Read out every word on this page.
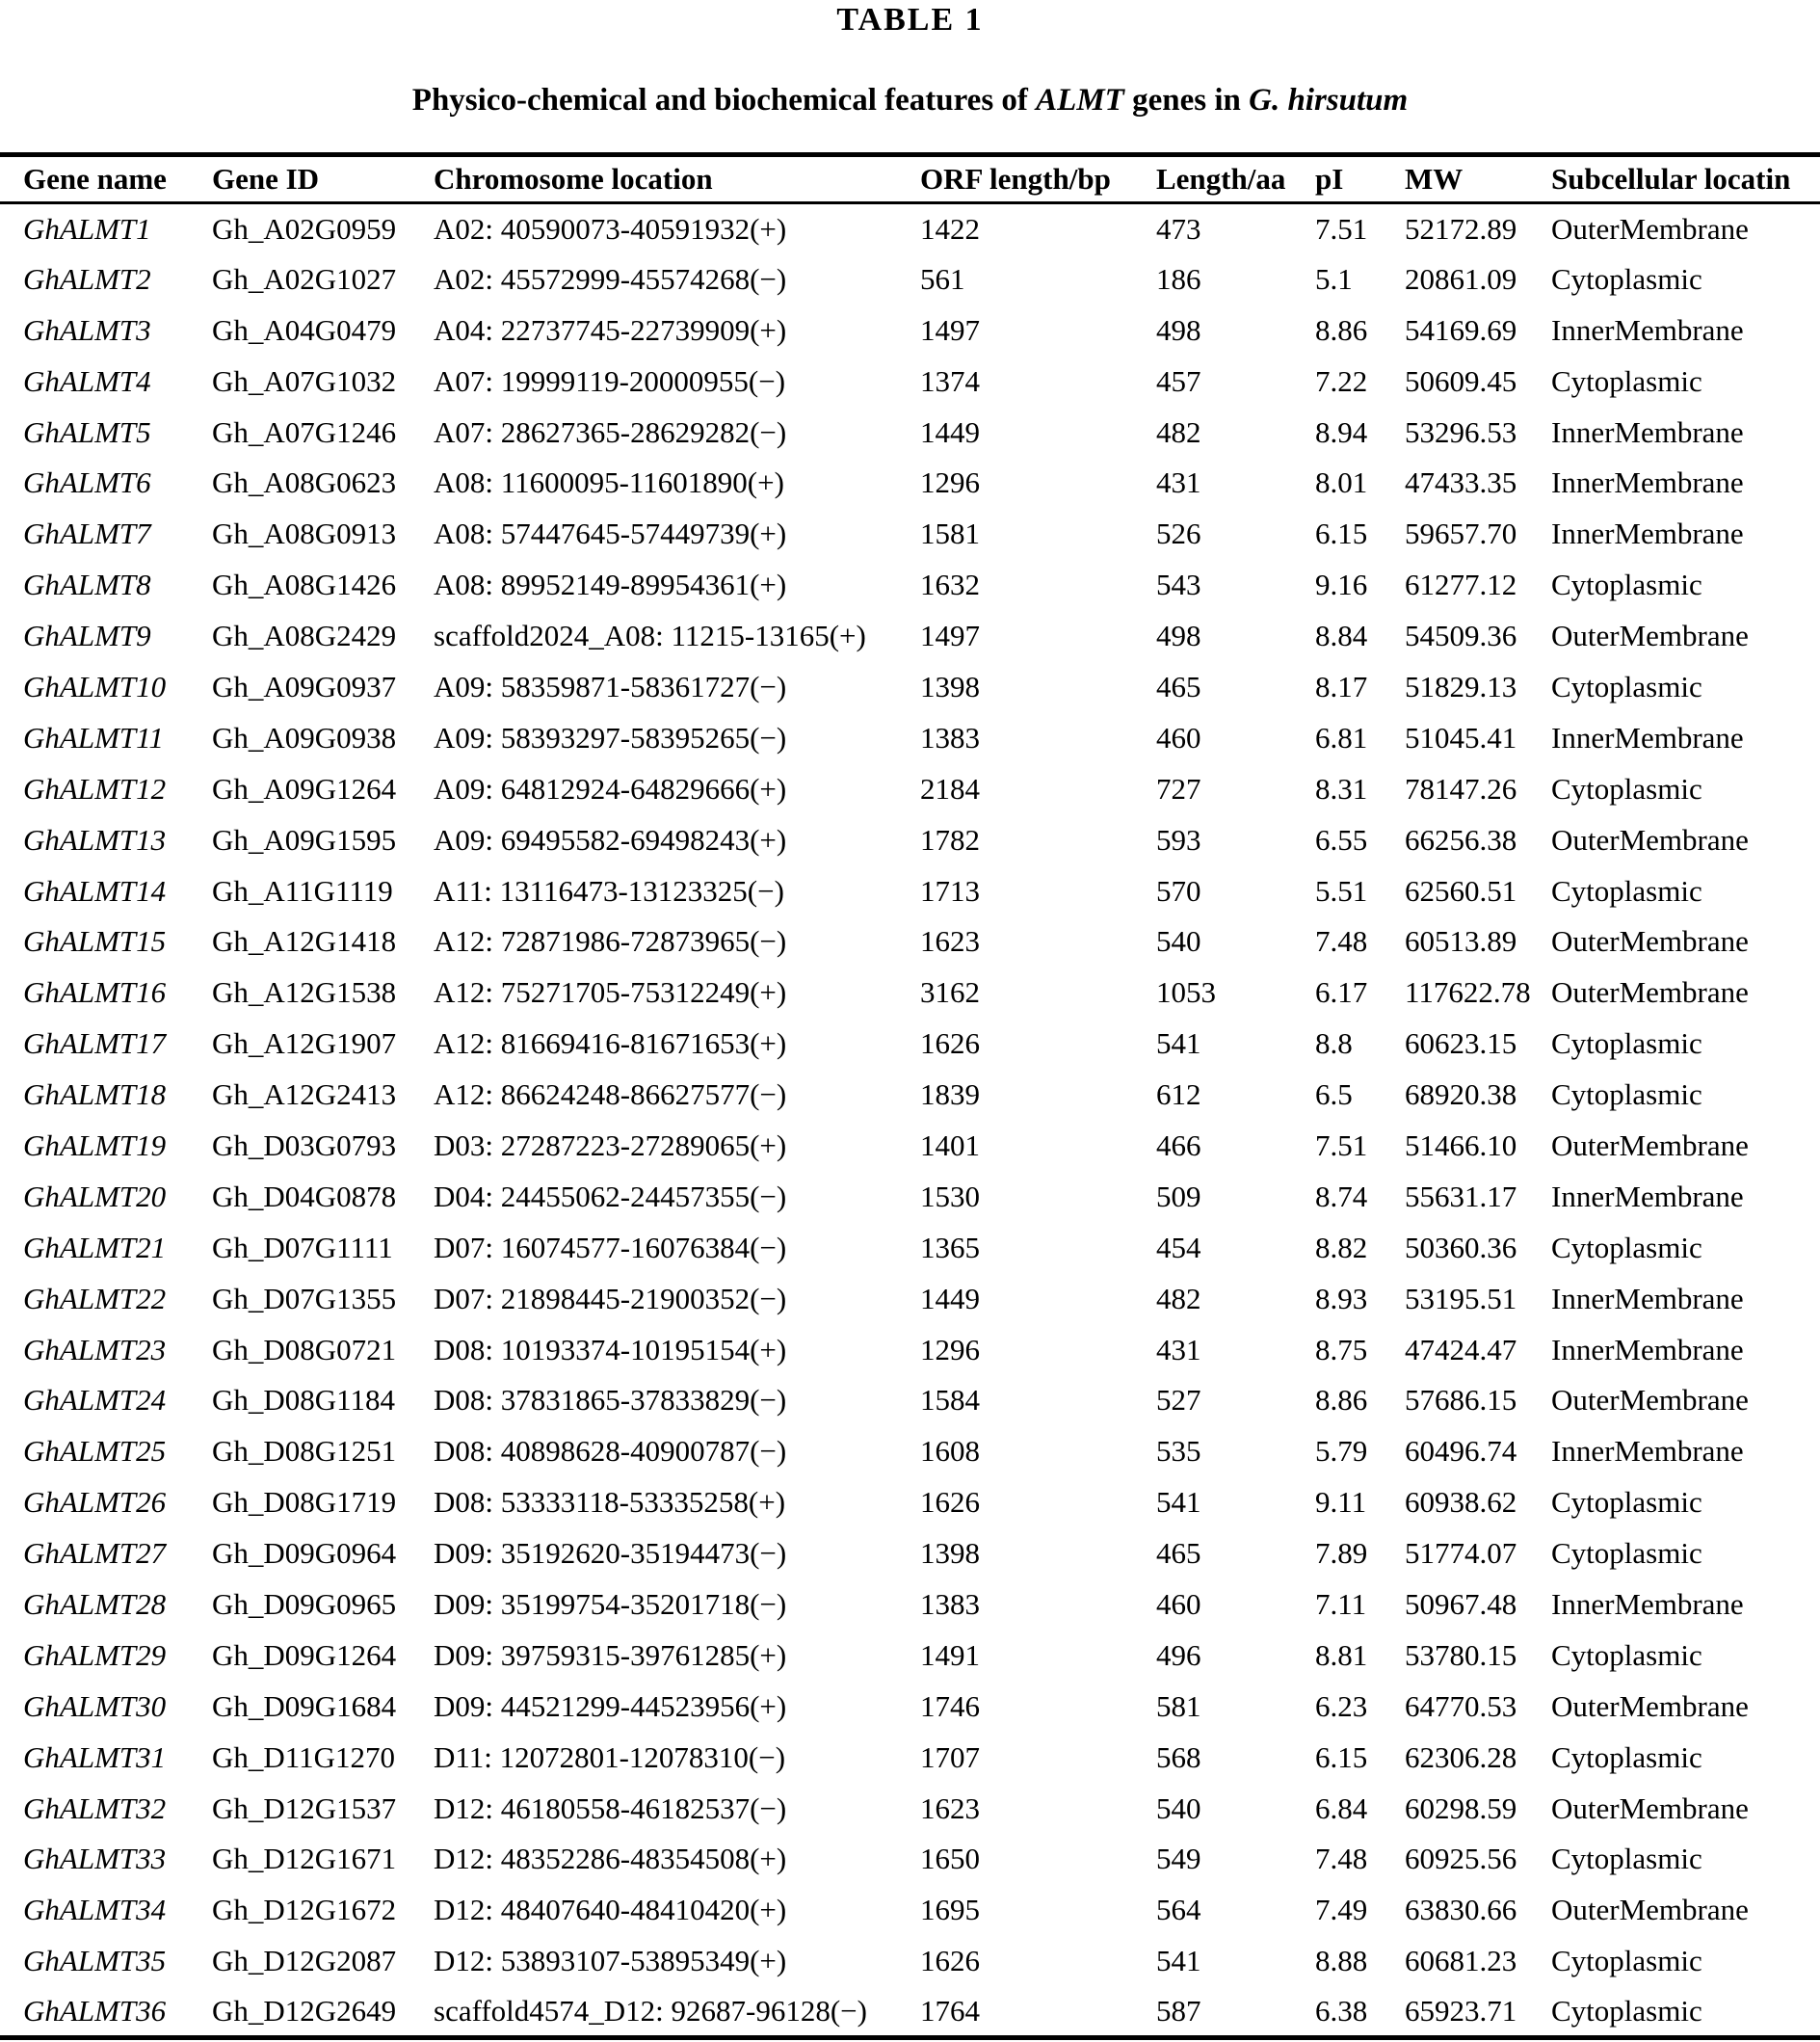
TABLE 1
Physico-chemical and biochemical features of ALMT genes in G. hirsutum
Gene name	Gene ID	Chromosome location	ORF length/bp	Length/aa	pI	MW	Subcellular locatin
GhALMT1	Gh_A02G0959	A02: 40590073-40591932(+)	1422	473	7.51	52172.89	OuterMembrane
GhALMT2	Gh_A02G1027	A02: 45572999-45574268(−)	561	186	5.1	20861.09	Cytoplasmic
GhALMT3	Gh_A04G0479	A04: 22737745-22739909(+)	1497	498	8.86	54169.69	InnerMembrane
GhALMT4	Gh_A07G1032	A07: 19999119-20000955(−)	1374	457	7.22	50609.45	Cytoplasmic
GhALMT5	Gh_A07G1246	A07: 28627365-28629282(−)	1449	482	8.94	53296.53	InnerMembrane
GhALMT6	Gh_A08G0623	A08: 11600095-11601890(+)	1296	431	8.01	47433.35	InnerMembrane
GhALMT7	Gh_A08G0913	A08: 57447645-57449739(+)	1581	526	6.15	59657.70	InnerMembrane
GhALMT8	Gh_A08G1426	A08: 89952149-89954361(+)	1632	543	9.16	61277.12	Cytoplasmic
GhALMT9	Gh_A08G2429	scaffold2024_A08: 11215-13165(+)	1497	498	8.84	54509.36	OuterMembrane
GhALMT10	Gh_A09G0937	A09: 58359871-58361727(−)	1398	465	8.17	51829.13	Cytoplasmic
GhALMT11	Gh_A09G0938	A09: 58393297-58395265(−)	1383	460	6.81	51045.41	InnerMembrane
GhALMT12	Gh_A09G1264	A09: 64812924-64829666(+)	2184	727	8.31	78147.26	Cytoplasmic
GhALMT13	Gh_A09G1595	A09: 69495582-69498243(+)	1782	593	6.55	66256.38	OuterMembrane
GhALMT14	Gh_A11G1119	A11: 13116473-13123325(−)	1713	570	5.51	62560.51	Cytoplasmic
GhALMT15	Gh_A12G1418	A12: 72871986-72873965(−)	1623	540	7.48	60513.89	OuterMembrane
GhALMT16	Gh_A12G1538	A12: 75271705-75312249(+)	3162	1053	6.17	117622.78	OuterMembrane
GhALMT17	Gh_A12G1907	A12: 81669416-81671653(+)	1626	541	8.8	60623.15	Cytoplasmic
GhALMT18	Gh_A12G2413	A12: 86624248-86627577(−)	1839	612	6.5	68920.38	Cytoplasmic
GhALMT19	Gh_D03G0793	D03: 27287223-27289065(+)	1401	466	7.51	51466.10	OuterMembrane
GhALMT20	Gh_D04G0878	D04: 24455062-24457355(−)	1530	509	8.74	55631.17	InnerMembrane
GhALMT21	Gh_D07G1111	D07: 16074577-16076384(−)	1365	454	8.82	50360.36	Cytoplasmic
GhALMT22	Gh_D07G1355	D07: 21898445-21900352(−)	1449	482	8.93	53195.51	InnerMembrane
GhALMT23	Gh_D08G0721	D08: 10193374-10195154(+)	1296	431	8.75	47424.47	InnerMembrane
GhALMT24	Gh_D08G1184	D08: 37831865-37833829(−)	1584	527	8.86	57686.15	OuterMembrane
GhALMT25	Gh_D08G1251	D08: 40898628-40900787(−)	1608	535	5.79	60496.74	InnerMembrane
GhALMT26	Gh_D08G1719	D08: 53333118-53335258(+)	1626	541	9.11	60938.62	Cytoplasmic
GhALMT27	Gh_D09G0964	D09: 35192620-35194473(−)	1398	465	7.89	51774.07	Cytoplasmic
GhALMT28	Gh_D09G0965	D09: 35199754-35201718(−)	1383	460	7.11	50967.48	InnerMembrane
GhALMT29	Gh_D09G1264	D09: 39759315-39761285(+)	1491	496	8.81	53780.15	Cytoplasmic
GhALMT30	Gh_D09G1684	D09: 44521299-44523956(+)	1746	581	6.23	64770.53	OuterMembrane
GhALMT31	Gh_D11G1270	D11: 12072801-12078310(−)	1707	568	6.15	62306.28	Cytoplasmic
GhALMT32	Gh_D12G1537	D12: 46180558-46182537(−)	1623	540	6.84	60298.59	OuterMembrane
GhALMT33	Gh_D12G1671	D12: 48352286-48354508(+)	1650	549	7.48	60925.56	Cytoplasmic
GhALMT34	Gh_D12G1672	D12: 48407640-48410420(+)	1695	564	7.49	63830.66	OuterMembrane
GhALMT35	Gh_D12G2087	D12: 53893107-53895349(+)	1626	541	8.88	60681.23	Cytoplasmic
GhALMT36	Gh_D12G2649	scaffold4574_D12: 92687-96128(−)	1764	587	6.38	65923.71	Cytoplasmic
